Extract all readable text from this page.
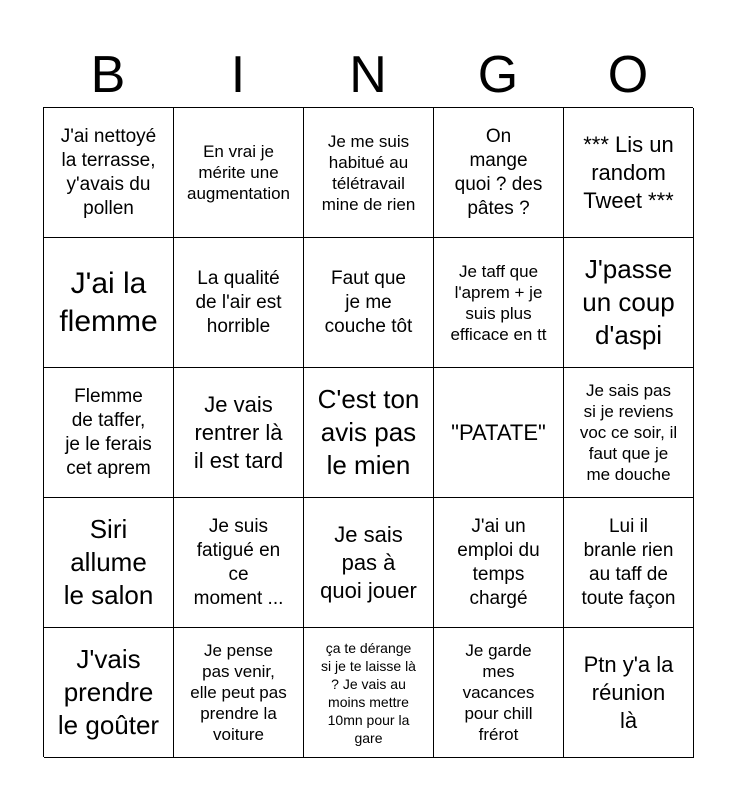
B	I	N	G	O
J'ai nettoyé
la terrasse,
y'avais du
pollen
En vrai je
mérite une
augmentation
Je me suis
habitué au
télétravail
mine de rien
On
mange
quoi ? des
pâtes ?
*** Lis un
random
Tweet ***
J'ai la
flemme
La qualité
de l'air est
horrible
Faut que
je me
couche tôt
Je taff que
l'aprem + je
suis plus
efficace en tt
J'passe
un coup
d'aspi
Flemme
de taffer,
je le ferais
cet aprem
Je vais
rentrer là
il est tard
C'est ton
avis pas
le mien
"PATATE"
Je sais pas
si je reviens
voc ce soir, il
faut que je
me douche
Siri
allume
le salon
Je suis
fatigué en
ce
moment ...
Je sais
pas à
quoi jouer
J'ai un
emploi du
temps
chargé
Lui il
branle rien
au taff de
toute façon
J'vais
prendre
le goûter
Je pense
pas venir,
elle peut pas
prendre la
voiture
ça te dérange
si je te laisse là
? Je vais au
moins mettre
10mn pour la
gare
Je garde
mes
vacances
pour chill
frérot
Ptn y'a la
réunion
là
